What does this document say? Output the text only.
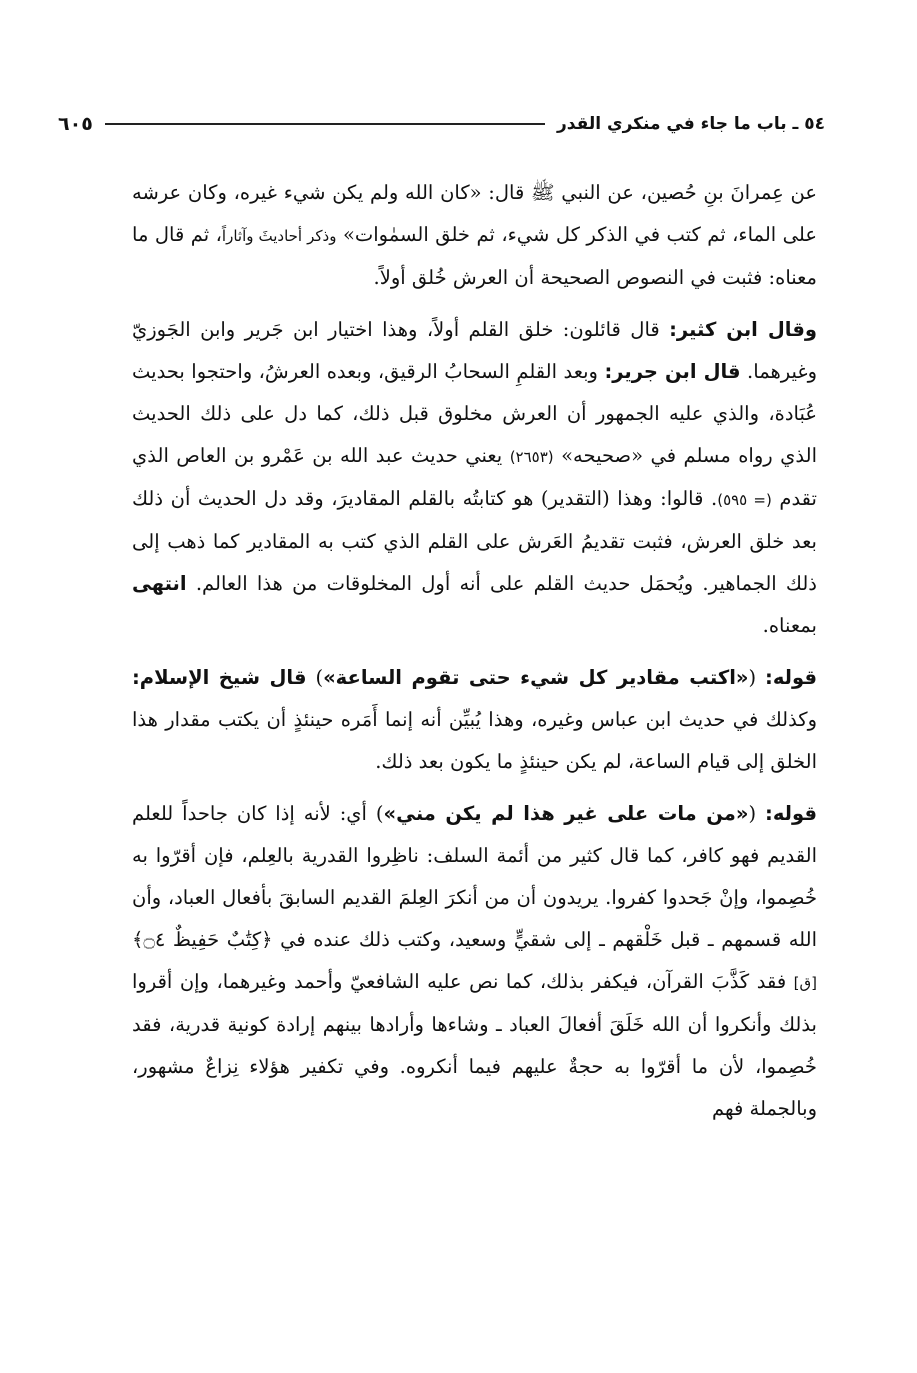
٥٤ ـ باب ما جاء في منكري القدر
٦٠٥

عن عِمرانَ بنِ حُصين، عن النبي ﷺ قال: «كان الله ولم يكن شيء غيره، وكان عرشه على الماء، ثم كتب في الذكر كل شيء، ثم خلق السمٰوات» وذكر أحاديثَ وآثاراً، ثم قال ما معناه: فثبت في النصوص الصحيحة أن العرش خُلق أولاً.

وقال ابن كثير: قال قائلون: خلق القلم أولاً، وهذا اختيار ابن جَرير وابن الجَوزيّ وغيرهما. قال ابن جرير: وبعد القلمِ السحابُ الرقيق، وبعده العرشُ، واحتجوا بحديث عُبَادة، والذي عليه الجمهور أن العرش مخلوق قبل ذلك، كما دل على ذلك الحديث الذي رواه مسلم في «صحيحه» (٢٦٥٣) يعني حديث عبد الله بن عَمْرو بن العاص الذي تقدم (= ٥٩٥). قالوا: وهذا (التقدير) هو كتابتُه بالقلم المقاديرَ، وقد دل الحديث أن ذلك بعد خلق العرش، فثبت تقديمُ العَرش على القلم الذي كتب به المقادير كما ذهب إلى ذلك الجماهير. ويُحمَل حديث القلم على أنه أول المخلوقات من هذا العالم. انتهى بمعناه.

قوله: («اكتب مقادير كل شيء حتى تقوم الساعة») قال شيخ الإسلام: وكذلك في حديث ابن عباس وغيره، وهذا يُبيِّن أنه إنما أَمَره حينئذٍ أن يكتب مقدار هذا الخلق إلى قيام الساعة، لم يكن حينئذٍ ما يكون بعد ذلك.

قوله: («من مات على غير هذا لم يكن مني») أي: لأنه إذا كان جاحداً للعلم القديم فهو كافر، كما قال كثير من أئمة السلف: ناظِروا القدرية بالعِلم، فإن أقرّوا به خُصِموا، وإنْ جَحدوا كفروا. يريدون أن من أنكرَ العِلمَ القديم السابقَ بأفعال العباد، وأن الله قسمهم ـ قبل خَلْقهم ـ إلى شقيٍّ وسعيد، وكتب ذلك عنده في ﴿كِتَٰبٌ حَفِيظٌ ۝٤﴾ [ق] فقد كَذَّبَ القرآن، فيكفر بذلك، كما نص عليه الشافعيّ وأحمد وغيرهما، وإن أقروا بذلك وأنكروا أن الله خَلَقَ أفعالَ العباد ـ وشاءها وأرادها بينهم إرادة كونية قدرية، فقد خُصِموا، لأن ما أقرّوا به حجةٌ عليهم فيما أنكروه. وفي تكفير هؤلاء نِزاعٌ مشهور، وبالجملة فهم
